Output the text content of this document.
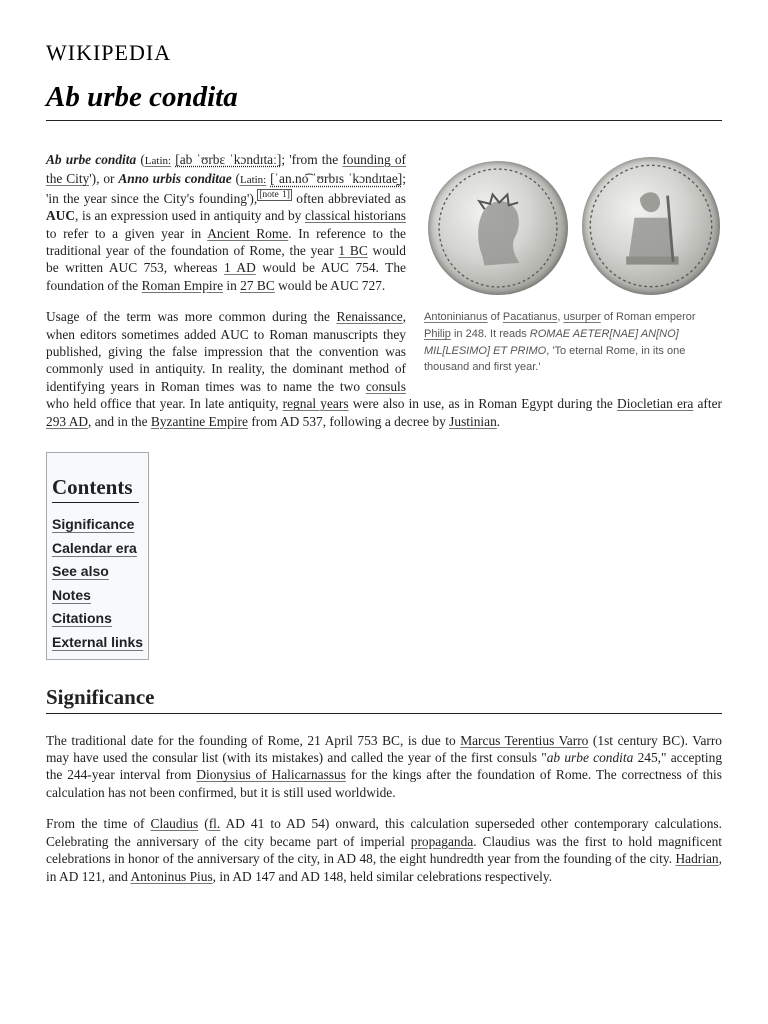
WIKIPEDIA
Ab urbe condita
Antoninianus of Pacatianus, usurper of Roman emperor Philip in 248. It reads ROMAE AETER[NAE] AN[NO] MIL[LESIMO] ET PRIMO, 'To eternal Rome, in its one thousand and first year.'

Ab urbe condita (Latin: [ab ˈʊrbɛ ˈkɔndɪtaː]; 'from the founding of the City'), or Anno urbis conditae (Latin: [ˈan.no͡ ˈʊrbɪs ˈkɔndɪtae̯]; 'in the year since the City's founding'), [note 1] often abbreviated as AUC, is an expression used in antiquity and by classical historians to refer to a given year in Ancient Rome. In reference to the traditional year of the foundation of Rome, the year 1 BC would be written AUC 753, whereas 1 AD would be AUC 754. The foundation of the Roman Empire in 27 BC would be AUC 727.

Usage of the term was more common during the Renaissance, when editors sometimes added AUC to Roman manuscripts they published, giving the false impression that the convention was commonly used in antiquity. In reality, the dominant method of identifying years in Roman times was to name the two consuls who held office that year. In late antiquity, regnal years were also in use, as in Roman Egypt during the Diocletian era after 293 AD, and in the Byzantine Empire from AD 537, following a decree by Justinian.

Contents
Significance
Calendar era
See also
Notes
Citations
External links
Significance

The traditional date for the founding of Rome, 21 April 753 BC, is due to Marcus Terentius Varro (1st century BC). Varro may have used the consular list (with its mistakes) and called the year of the first consuls "ab urbe condita 245," accepting the 244-year interval from Dionysius of Halicarnassus for the kings after the foundation of Rome. The correctness of this calculation has not been confirmed, but it is still used worldwide.

From the time of Claudius (fl. AD 41 to AD 54) onward, this calculation superseded other contemporary calculations. Celebrating the anniversary of the city became part of imperial propaganda. Claudius was the first to hold magnificent celebrations in honor of the anniversary of the city, in AD 48, the eight hundredth year from the founding of the city. Hadrian, in AD 121, and Antoninus Pius, in AD 147 and AD 148, held similar celebrations respectively.
